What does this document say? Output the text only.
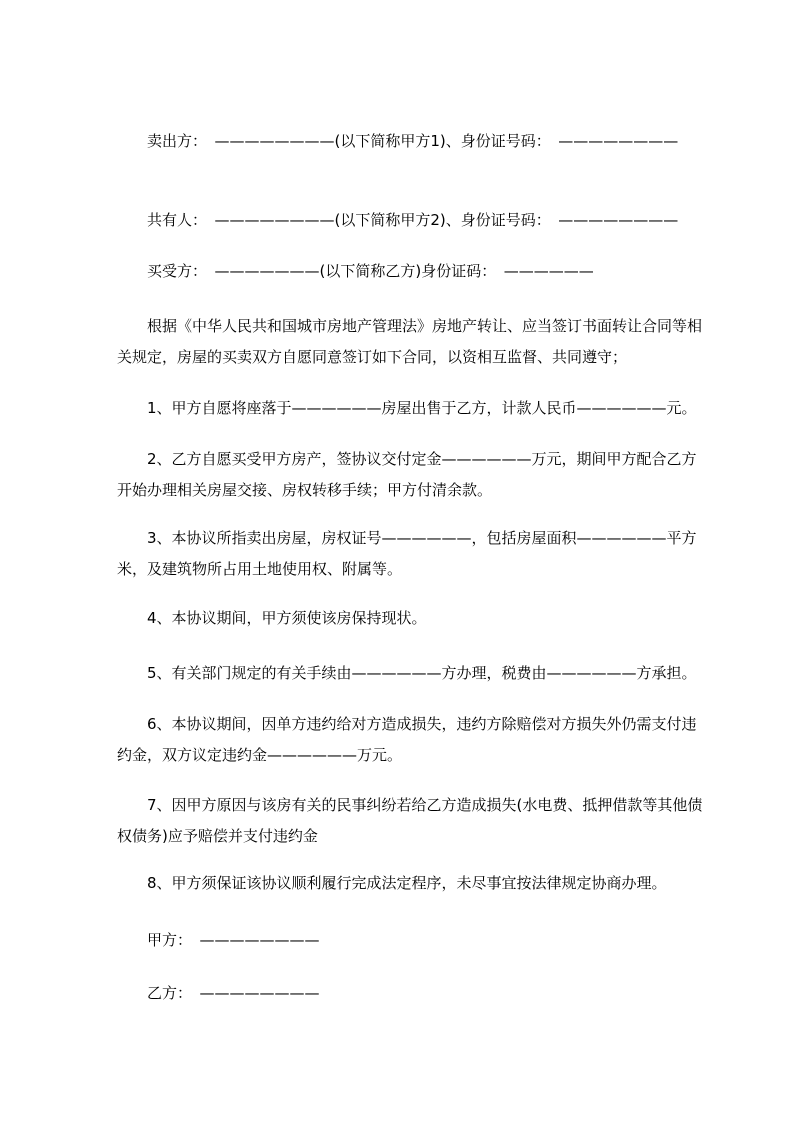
　　卖出方：　————————(以下简称甲方1)、身份证号码：　————————

　　共有人：　————————(以下简称甲方2)、身份证号码：　————————

　　买受方：　———————(以下简称乙方)身份证码：　——————

　　根据《中华人民共和国城市房地产管理法》房地产转让、应当签订书面转让合同等相关规定，房屋的买卖双方自愿同意签订如下合同，以资相互监督、共同遵守；

　　1、甲方自愿将座落于——————房屋出售于乙方，计款人民币——————元。

　　2、乙方自愿买受甲方房产，签协议交付定金——————万元，期间甲方配合乙方开始办理相关房屋交接、房权转移手续；甲方付清余款。

　　3、本协议所指卖出房屋，房权证号——————，包括房屋面积——————平方米，及建筑物所占用土地使用权、附属等。

　　4、本协议期间，甲方须使该房保持现状。

　　5、有关部门规定的有关手续由——————方办理，税费由——————方承担。

　　6、本协议期间，因单方违约给对方造成损失，违约方除赔偿对方损失外仍需支付违约金，双方议定违约金——————万元。

　　7、因甲方原因与该房有关的民事纠纷若给乙方造成损失(水电费、抵押借款等其他债权债务)应予赔偿并支付违约金

　　8、甲方须保证该协议顺利履行完成法定程序，未尽事宜按法律规定协商办理。

　　甲方：　————————

　　乙方：　————————
